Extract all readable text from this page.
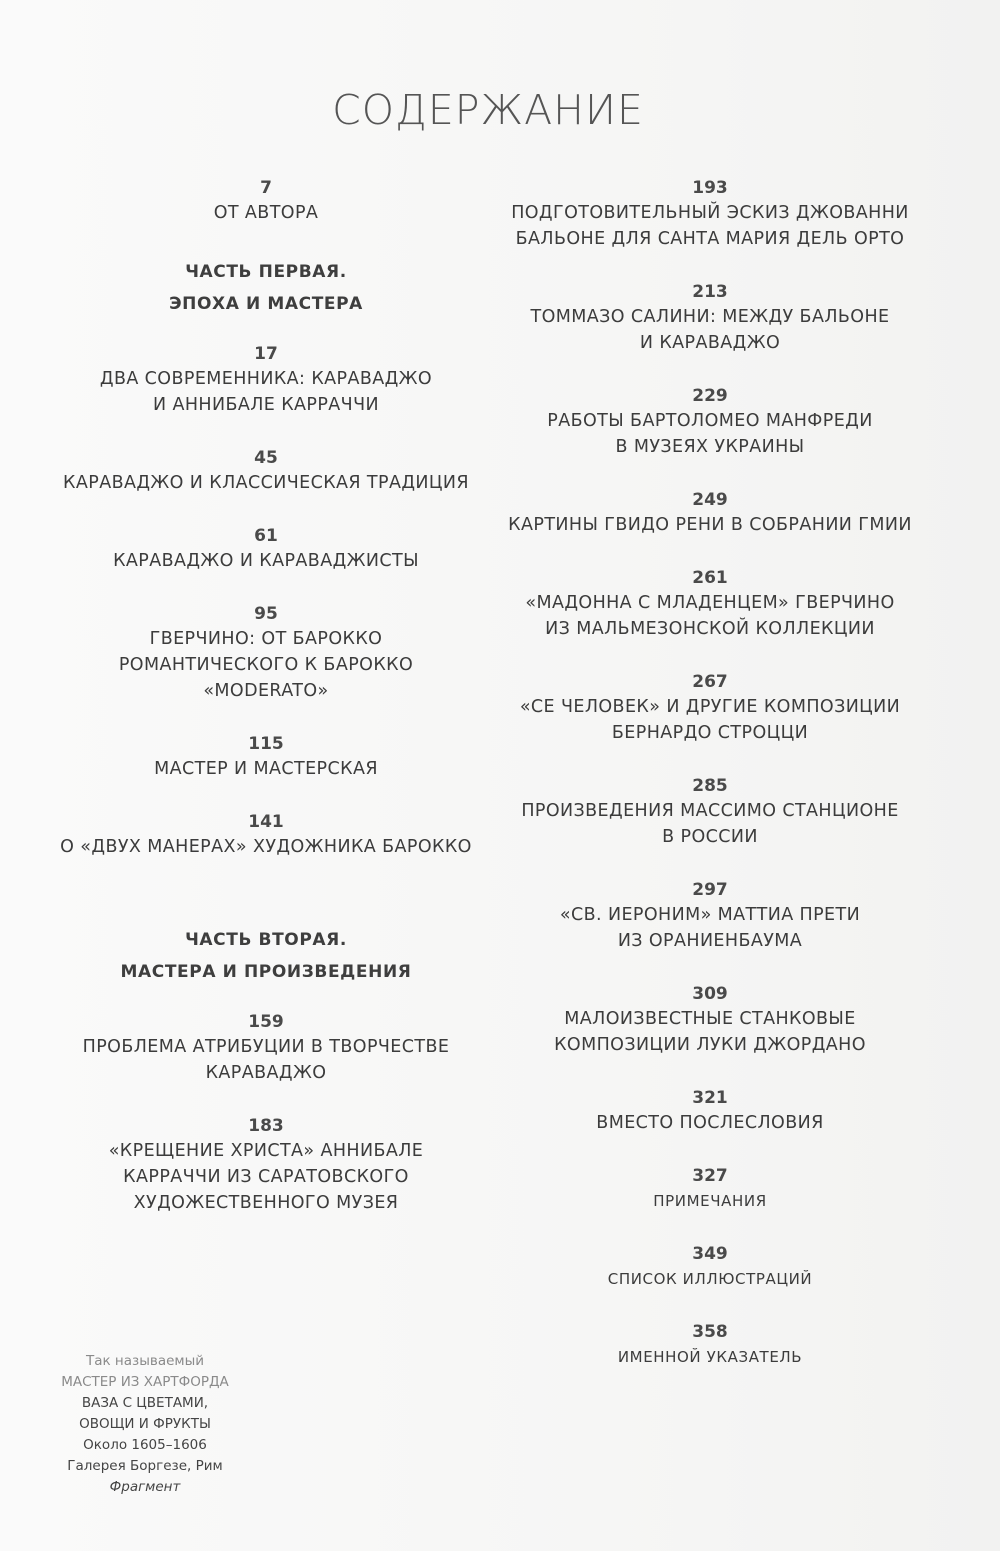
СОДЕРЖАНИЕ
7
ОТ АВТОРА
ЧАСТЬ ПЕРВАЯ.
ЭПОХА И МАСТЕРА
17
ДВА СОВРЕМЕННИКА: КАРАВАДЖО
И АННИБАЛЕ КАРРАЧЧИ
45
КАРАВАДЖО И КЛАССИЧЕСКАЯ ТРАДИЦИЯ
61
КАРАВАДЖО И КАРАВАДЖИСТЫ
95
ГВЕРЧИНО: ОТ БАРОККО
РОМАНТИЧЕСКОГО К БАРОККО
«MODERATO»
115
МАСТЕР И МАСТЕРСКАЯ
141
О «ДВУХ МАНЕРАХ» ХУДОЖНИКА БАРОККО
ЧАСТЬ ВТОРАЯ.
МАСТЕРА И ПРОИЗВЕДЕНИЯ
159
ПРОБЛЕМА АТРИБУЦИИ В ТВОРЧЕСТВЕ
КАРАВАДЖО
183
«КРЕЩЕНИЕ ХРИСТА» АННИБАЛЕ
КАРРАЧЧИ ИЗ САРАТОВСКОГО
ХУДОЖЕСТВЕННОГО МУЗЕЯ
193
ПОДГОТОВИТЕЛЬНЫЙ ЭСКИЗ ДЖОВАННИ
БАЛЬОНЕ ДЛЯ САНТА МАРИЯ ДЕЛЬ ОРТО
213
ТОММАЗО САЛИНИ: МЕЖДУ БАЛЬОНЕ
И КАРАВАДЖО
229
РАБОТЫ БАРТОЛОМЕО МАНФРЕДИ
В МУЗЕЯХ УКРАИНЫ
249
КАРТИНЫ ГВИДО РЕНИ В СОБРАНИИ ГМИИ
261
«МАДОННА С МЛАДЕНЦЕМ» ГВЕРЧИНО
ИЗ МАЛЬМЕЗОНСКОЙ КОЛЛЕКЦИИ
267
«СЕ ЧЕЛОВЕК» И ДРУГИЕ КОМПОЗИЦИИ
БЕРНАРДО СТРОЦЦИ
285
ПРОИЗВЕДЕНИЯ МАССИМО СТАНЦИОНЕ
В РОССИИ
297
«СВ. ИЕРОНИМ» МАТТИА ПРЕТИ
ИЗ ОРАНИЕНБАУМА
309
МАЛОИЗВЕСТНЫЕ СТАНКОВЫЕ
КОМПОЗИЦИИ ЛУКИ ДЖОРДАНО
321
ВМЕСТО ПОСЛЕСЛОВИЯ
327
ПРИМЕЧАНИЯ
349
СПИСОК ИЛЛЮСТРАЦИЙ
358
ИМЕННОЙ УКАЗАТЕЛЬ
Так называемый
МАСТЕР ИЗ ХАРТФОРДА
ВАЗА С ЦВЕТАМИ,
ОВОЩИ И ФРУКТЫ
Около 1605–1606
Галерея Боргезе, Рим
Фрагмент
